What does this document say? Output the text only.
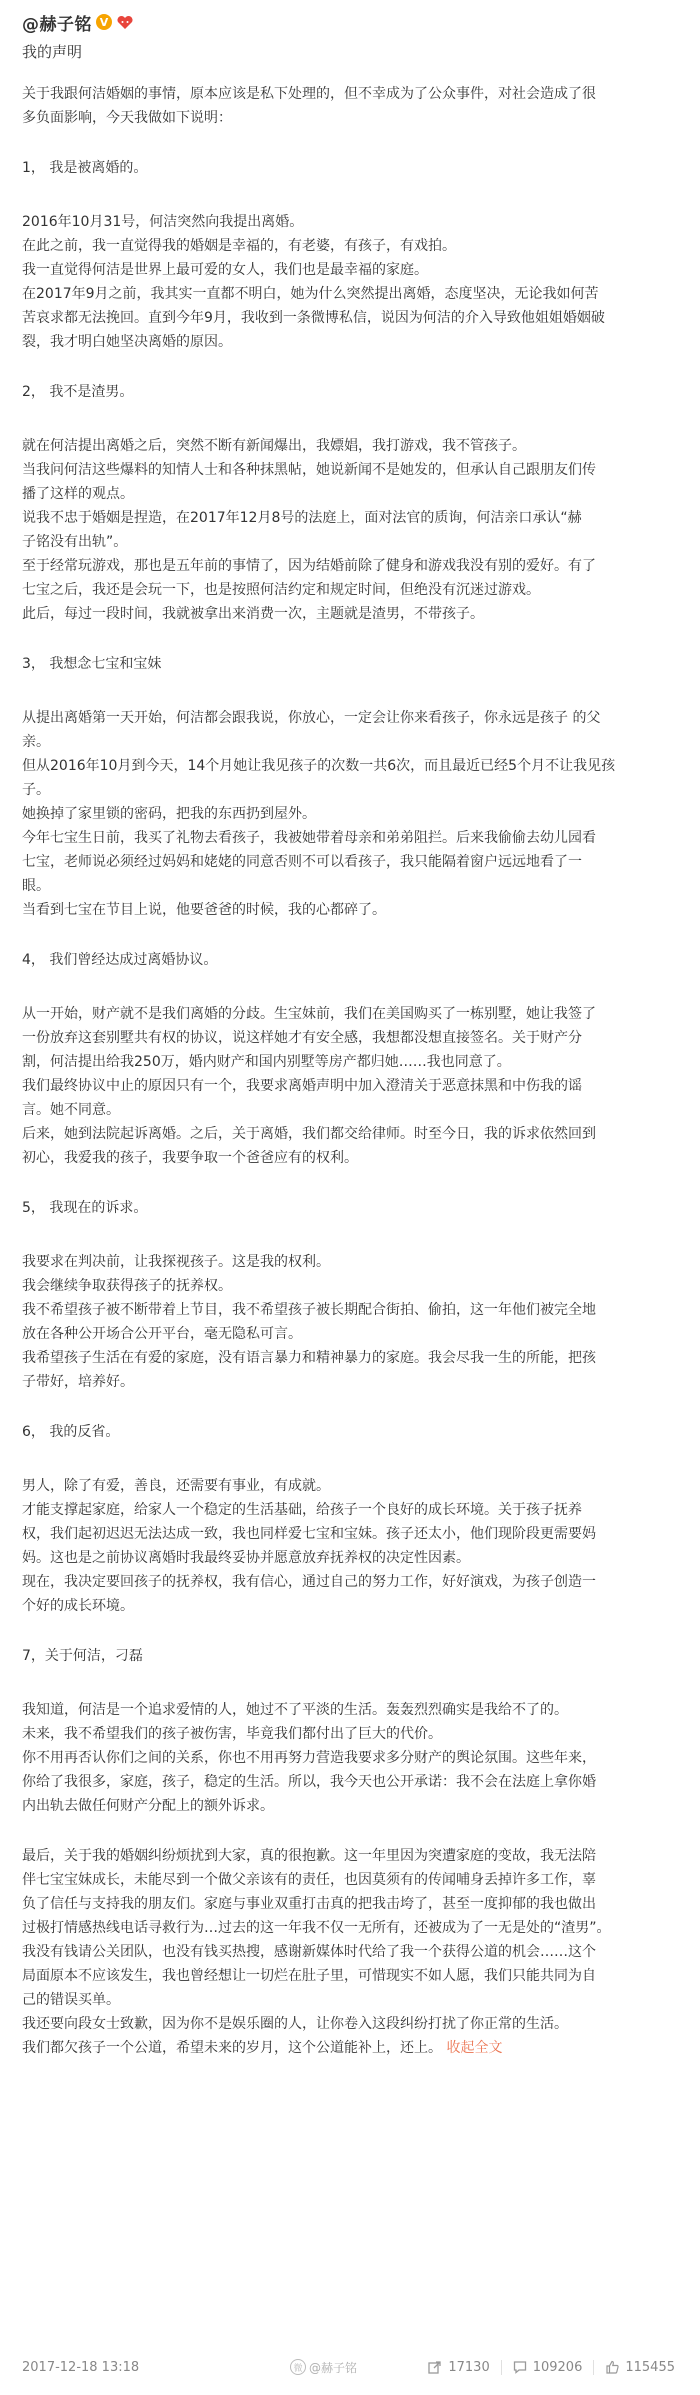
@赫子铭 V
我的声明
关于我跟何洁婚姻的事情，原本应该是私下处理的，但不幸成为了公众事件，对社会造成了很
多负面影响，今天我做如下说明：
1， 我是被离婚的。
2016年10月31号，何洁突然向我提出离婚。
在此之前，我一直觉得我的婚姻是幸福的，有老婆，有孩子，有戏拍。
我一直觉得何洁是世界上最可爱的女人，我们也是最幸福的家庭。
在2017年9月之前，我其实一直都不明白，她为什么突然提出离婚，态度坚决，无论我如何苦
苦哀求都无法挽回。直到今年9月，我收到一条微博私信，说因为何洁的介入导致他姐姐婚姻破
裂，我才明白她坚决离婚的原因。
2， 我不是渣男。
就在何洁提出离婚之后，突然不断有新闻爆出，我嫖娼，我打游戏，我不管孩子。
当我问何洁这些爆料的知情人士和各种抹黑帖，她说新闻不是她发的，但承认自己跟朋友们传
播了这样的观点。
说我不忠于婚姻是捏造，在2017年12月8号的法庭上，面对法官的质询，何洁亲口承认“赫
子铭没有出轨”。
至于经常玩游戏，那也是五年前的事情了，因为结婚前除了健身和游戏我没有别的爱好。有了
七宝之后，我还是会玩一下，也是按照何洁约定和规定时间，但绝没有沉迷过游戏。
此后，每过一段时间，我就被拿出来消费一次，主题就是渣男，不带孩子。
3， 我想念七宝和宝妹
从提出离婚第一天开始，何洁都会跟我说，你放心，一定会让你来看孩子，你永远是孩子 的父
亲。
但从2016年10月到今天，14个月她让我见孩子的次数一共6次，而且最近已经5个月不让我见孩
子。
她换掉了家里锁的密码，把我的东西扔到屋外。
今年七宝生日前，我买了礼物去看孩子，我被她带着母亲和弟弟阻拦。后来我偷偷去幼儿园看
七宝，老师说必须经过妈妈和姥姥的同意否则不可以看孩子，我只能隔着窗户远远地看了一
眼。
当看到七宝在节目上说，他要爸爸的时候，我的心都碎了。
4， 我们曾经达成过离婚协议。
从一开始，财产就不是我们离婚的分歧。生宝妹前，我们在美国购买了一栋别墅，她让我签了
一份放弃这套别墅共有权的协议，说这样她才有安全感，我想都没想直接签名。关于财产分
割，何洁提出给我250万，婚内财产和国内别墅等房产都归她……我也同意了。
我们最终协议中止的原因只有一个，我要求离婚声明中加入澄清关于恶意抹黑和中伤我的谣
言。她不同意。
后来，她到法院起诉离婚。之后，关于离婚，我们都交给律师。时至今日，我的诉求依然回到
初心，我爱我的孩子，我要争取一个爸爸应有的权利。
5， 我现在的诉求。
我要求在判决前，让我探视孩子。这是我的权利。
我会继续争取获得孩子的抚养权。
我不希望孩子被不断带着上节目，我不希望孩子被长期配合街拍、偷拍，这一年他们被完全地
放在各种公开场合公开平台，毫无隐私可言。
我希望孩子生活在有爱的家庭，没有语言暴力和精神暴力的家庭。我会尽我一生的所能，把孩
子带好，培养好。
6， 我的反省。
男人，除了有爱，善良，还需要有事业，有成就。
才能支撑起家庭，给家人一个稳定的生活基础，给孩子一个良好的成长环境。关于孩子抚养
权，我们起初迟迟无法达成一致，我也同样爱七宝和宝妹。孩子还太小，他们现阶段更需要妈
妈。这也是之前协议离婚时我最终妥协并愿意放弃抚养权的决定性因素。
现在，我决定要回孩子的抚养权，我有信心，通过自己的努力工作，好好演戏，为孩子创造一
个好的成长环境。
7，关于何洁，刁磊
我知道，何洁是一个追求爱情的人，她过不了平淡的生活。轰轰烈烈确实是我给不了的。
未来，我不希望我们的孩子被伤害，毕竟我们都付出了巨大的代价。
你不用再否认你们之间的关系，你也不用再努力营造我要求多分财产的舆论氛围。这些年来，
你给了我很多，家庭，孩子，稳定的生活。所以，我今天也公开承诺：我不会在法庭上拿你婚
内出轨去做任何财产分配上的额外诉求。
最后，关于我的婚姻纠纷烦扰到大家，真的很抱歉。这一年里因为突遭家庭的变故，我无法陪
伴七宝宝妹成长，未能尽到一个做父亲该有的责任，也因莫须有的传闻哺身丢掉许多工作，辜
负了信任与支持我的朋友们。家庭与事业双重打击真的把我击垮了，甚至一度抑郁的我也做出
过极打情感热线电话寻救行为…过去的这一年我不仅一无所有，还被成为了一无是处的“渣男”。
我没有钱请公关团队，也没有钱买热搜，感谢新媒体时代给了我一个获得公道的机会……这个
局面原本不应该发生，我也曾经想让一切烂在肚子里，可惜现实不如人愿，我们只能共同为自
己的错误买单。
我还要向段女士致歉，因为你不是娱乐圈的人，让你卷入这段纠纷打扰了你正常的生活。
我们都欠孩子一个公道，希望未来的岁月，这个公道能补上，还上。 收起全文
2017-12-18 13:18	微 @赫子铭	17130	109206	115455
